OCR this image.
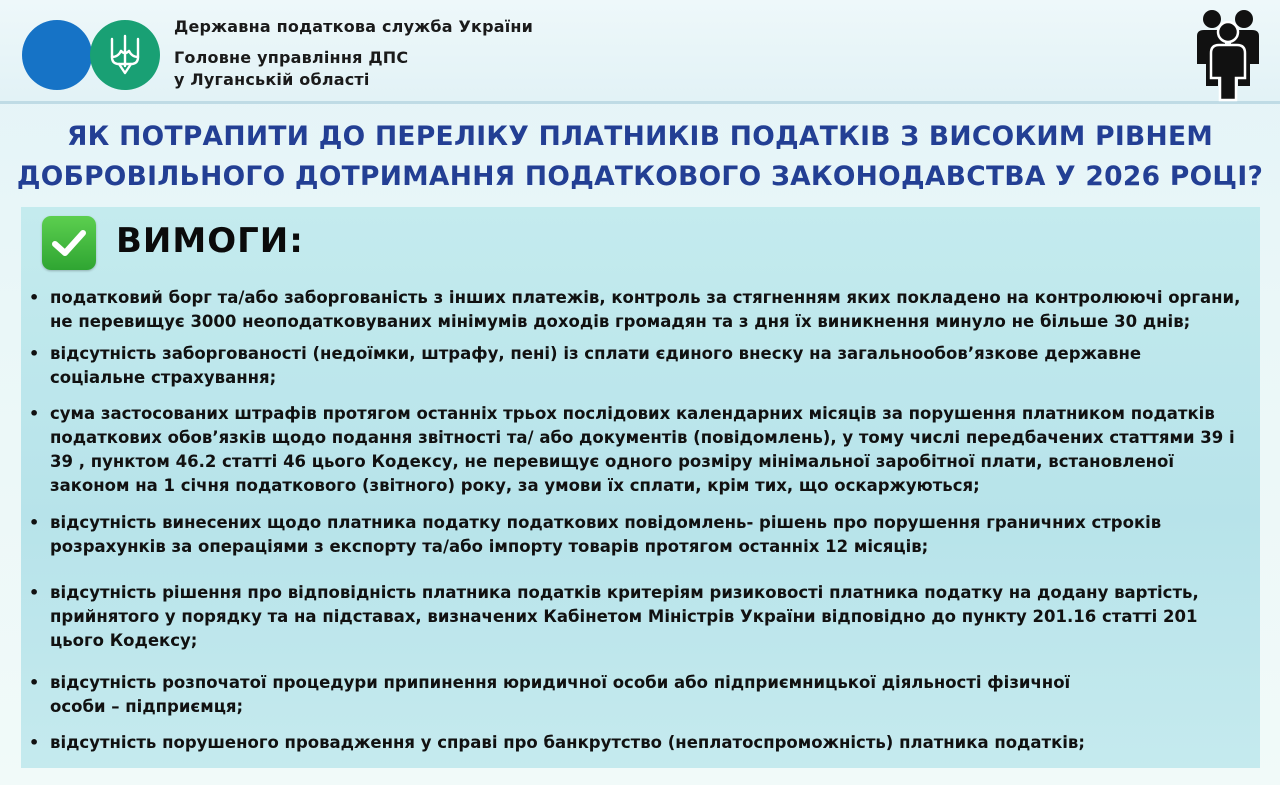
Державна податкова служба України
Головне управління ДПС
у Луганській області
ЯК ПОТРАПИТИ ДО ПЕРЕЛІКУ ПЛАТНИКІВ ПОДАТКІВ З ВИСОКИМ РІВНЕМ
ДОБРОВІЛЬНОГО ДОТРИМАННЯ ПОДАТКОВОГО ЗАКОНОДАВСТВА У 2026 РОЦІ?
ВИМОГИ:
• податковий борг та/або заборгованість з інших платежів, контроль за стягненням яких покладено на контролюючі органи,
не перевищує 3000 неоподатковуваних мінімумів доходів громадян та з дня їх виникнення минуло не більше 30 днів;
• відсутність заборгованості (недоїмки, штрафу, пені) із сплати єдиного внеску на загальнообов’язкове державне
соціальне страхування;
• сума застосованих штрафів протягом останніх трьох послідових календарних місяців за порушення платником податків
податкових обов’язків щодо подання звітності та/ або документів (повідомлень), у тому числі передбачених статтями 39 і
39 , пунктом 46.2 статті 46 цього Кодексу, не перевищує одного розміру мінімальної заробітної плати, встановленої
законом на 1 січня податкового (звітного) року, за умови їх сплати, крім тих, що оскаржуються;
• відсутність винесених щодо платника податку податкових повідомлень- рішень про порушення граничних строків
розрахунків за операціями з експорту та/або імпорту товарів протягом останніх 12 місяців;
• відсутність рішення про відповідність платника податків критеріям ризиковості платника податку на додану вартість,
прийнятого у порядку та на підставах, визначених Кабінетом Міністрів України відповідно до пункту 201.16 статті 201
цього Кодексу;
• відсутність розпочатої процедури припинення юридичної особи або підприємницької діяльності фізичної
особи – підприємця;
• відсутність порушеного провадження у справі про банкрутство (неплатоспроможність) платника податків;
